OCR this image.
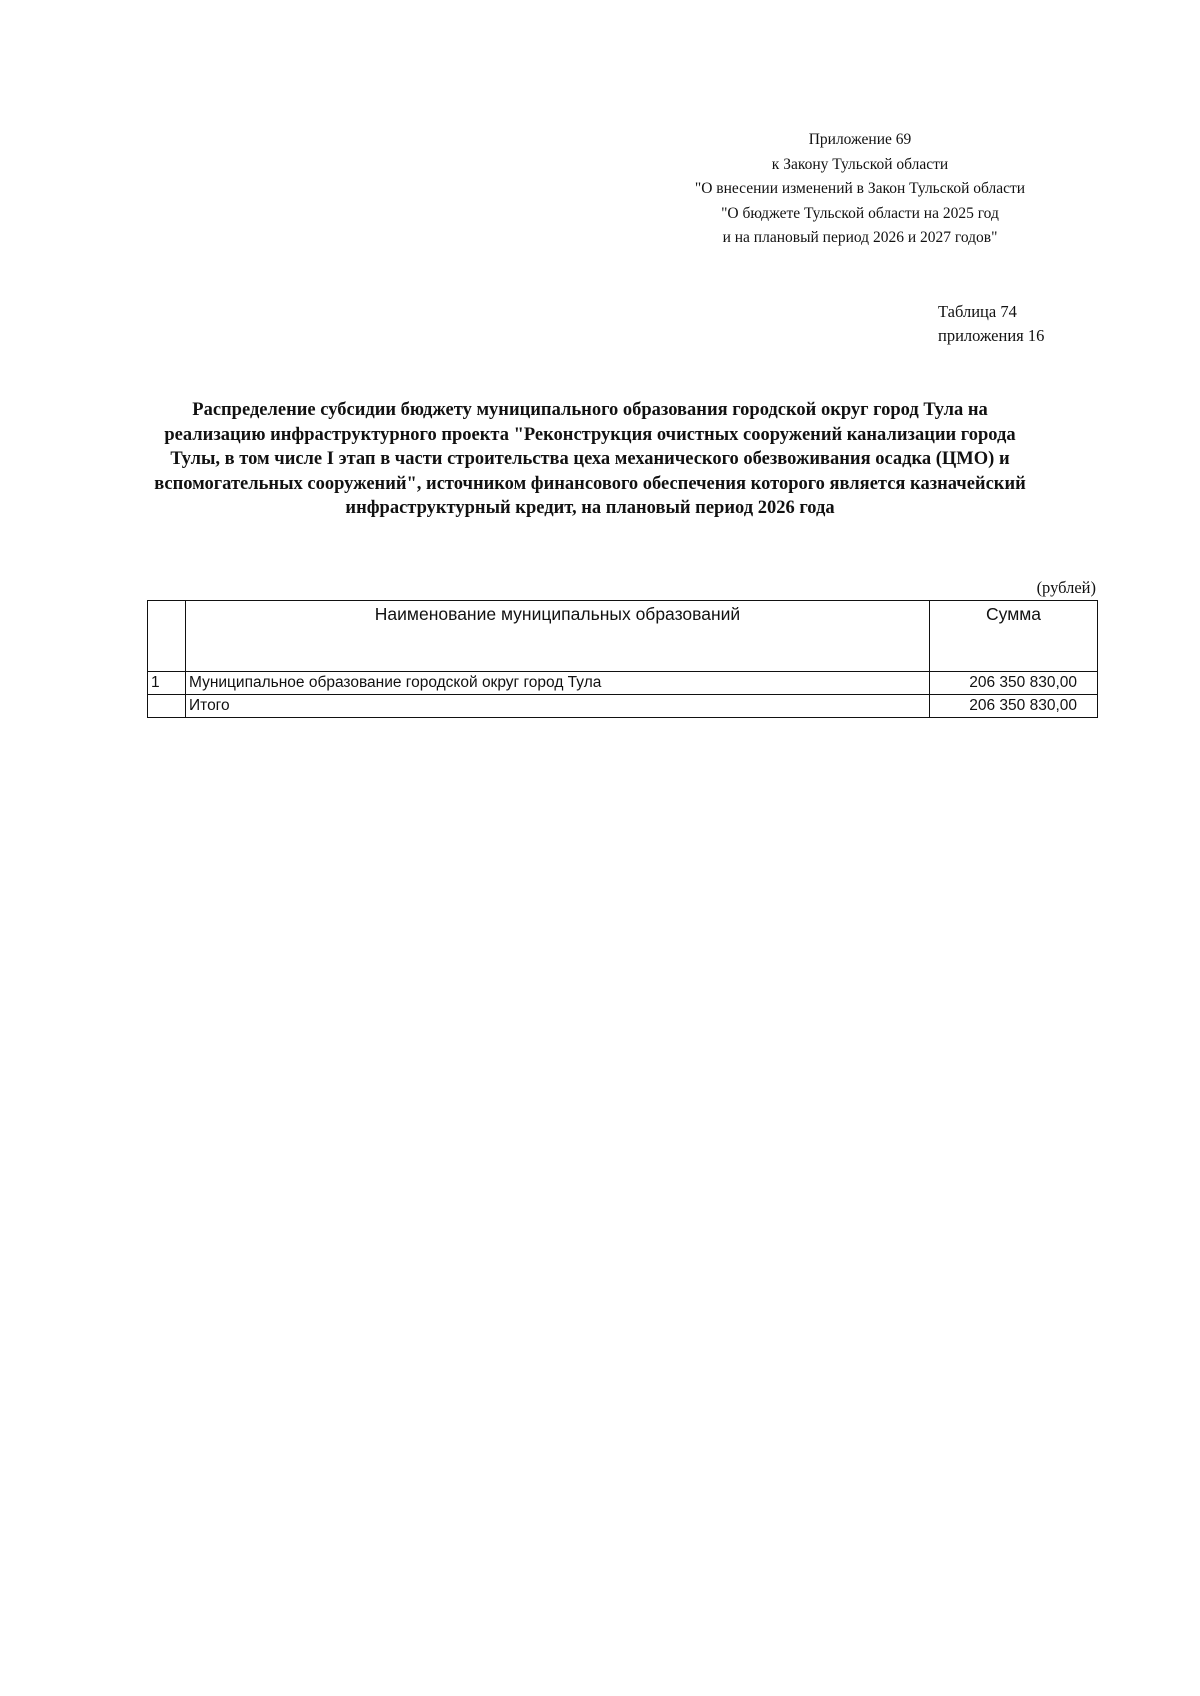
Приложение 69
к Закону Тульской области
"О внесении изменений в Закон Тульской области
"О бюджете Тульской области на 2025 год
и на плановый период 2026 и 2027 годов"
Таблица 74
приложения 16
Распределение субсидии бюджету муниципального образования городской округ город Тула на
реализацию инфраструктурного проекта "Реконструкция очистных сооружений канализации города
Тулы, в том числе I этап в части строительства цеха механического обезвоживания осадка (ЦМО) и
вспомогательных сооружений", источником финансового обеспечения которого является казначейский
инфраструктурный кредит, на плановый период 2026 года
(рублей)
	Наименование муниципальных образований	Сумма
1	Муниципальное образование городской округ город Тула	206 350 830,00
	Итого	206 350 830,00
